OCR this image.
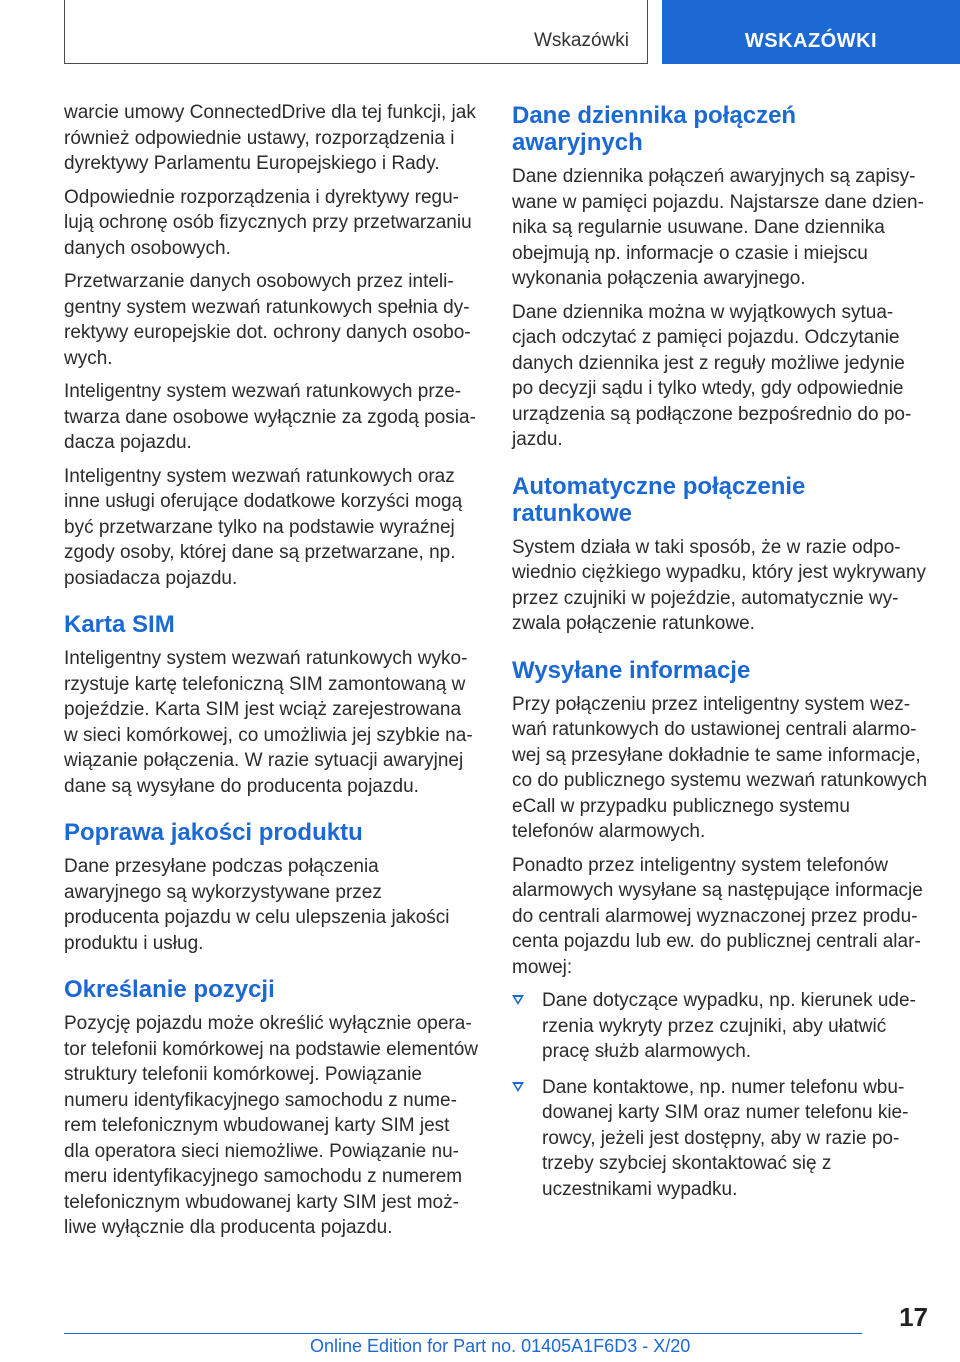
Wskazówki	WSKAZÓWKI

warcie umowy ConnectedDrive dla tej funkcji, jak również odpowiednie ustawy, rozporządzenia i dyrektywy Parlamentu Europejskiego i Rady.

Odpowiednie rozporządzenia i dyrektywy regulują ochronę osób fizycznych przy przetwarzaniu danych osobowych.

Przetwarzanie danych osobowych przez inteligentny system wezwań ratunkowych spełnia dyrektywy europejskie dot. ochrony danych osobowych.

Inteligentny system wezwań ratunkowych przetwarza dane osobowe wyłącznie za zgodą posiadacza pojazdu.

Inteligentny system wezwań ratunkowych oraz inne usługi oferujące dodatkowe korzyści mogą być przetwarzane tylko na podstawie wyraźnej zgody osoby, której dane są przetwarzane, np. posiadacza pojazdu.

Karta SIM

Inteligentny system wezwań ratunkowych wykorzystuje kartę telefoniczną SIM zamontowaną w pojeździe. Karta SIM jest wciąż zarejestrowana w sieci komórkowej, co umożliwia jej szybkie nawiązanie połączenia. W razie sytuacji awaryjnej dane są wysyłane do producenta pojazdu.

Poprawa jakości produktu

Dane przesyłane podczas połączenia awaryjnego są wykorzystywane przez producenta pojazdu w celu ulepszenia jakości produktu i usług.

Określanie pozycji

Pozycję pojazdu może określić wyłącznie operator telefonii komórkowej na podstawie elementów struktury telefonii komórkowej. Powiązanie numeru identyfikacyjnego samochodu z numerem telefonicznym wbudowanej karty SIM jest dla operatora sieci niemożliwe. Powiązanie numeru identyfikacyjnego samochodu z numerem telefonicznym wbudowanej karty SIM jest możliwe wyłącznie dla producenta pojazdu.

Dane dziennika połączeń awaryjnych

Dane dziennika połączeń awaryjnych są zapisywane w pamięci pojazdu. Najstarsze dane dziennika są regularnie usuwane. Dane dziennika obejmują np. informacje o czasie i miejscu wykonania połączenia awaryjnego.

Dane dziennika można w wyjątkowych sytuacjach odczytać z pamięci pojazdu. Odczytanie danych dziennika jest z reguły możliwe jedynie po decyzji sądu i tylko wtedy, gdy odpowiednie urządzenia są podłączone bezpośrednio do pojazdu.

Automatyczne połączenie ratunkowe

System działa w taki sposób, że w razie odpowiednio ciężkiego wypadku, który jest wykrywany przez czujniki w pojeździe, automatycznie wyzwala połączenie ratunkowe.

Wysyłane informacje

Przy połączeniu przez inteligentny system wezwań ratunkowych do ustawionej centrali alarmowej są przesyłane dokładnie te same informacje, co do publicznego systemu wezwań ratunkowych eCall w przypadku publicznego systemu telefonów alarmowych.

Ponadto przez inteligentny system telefonów alarmowych wysyłane są następujące informacje do centrali alarmowej wyznaczonej przez producenta pojazdu lub ew. do publicznej centrali alarmowej:

Dane dotyczące wypadku, np. kierunek uderzenia wykryty przez czujniki, aby ułatwić pracę służb alarmowych.
Dane kontaktowe, np. numer telefonu wbudowanej karty SIM oraz numer telefonu kierowcy, jeżeli jest dostępny, aby w razie potrzeby szybciej skontaktować się z uczestnikami wypadku.
17
Online Edition for Part no. 01405A1F6D3 - X/20
